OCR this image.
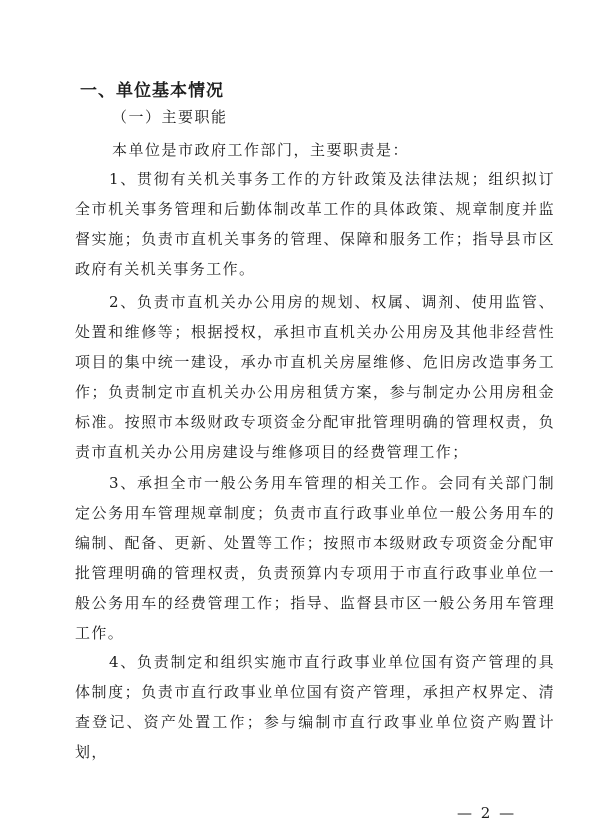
一、单位基本情况
（一）主要职能
本单位是市政府工作部门，主要职责是：

1、贯彻有关机关事务工作的方针政策及法律法规；组织拟订全市机关事务管理和后勤体制改革工作的具体政策、规章制度并监督实施；负责市直机关事务的管理、保障和服务工作；指导县市区政府有关机关事务工作。

2、负责市直机关办公用房的规划、权属、调剂、使用监管、处置和维修等；根据授权，承担市直机关办公用房及其他非经营性项目的集中统一建设，承办市直机关房屋维修、危旧房改造事务工作；负责制定市直机关办公用房租赁方案，参与制定办公用房租金标准。按照市本级财政专项资金分配审批管理明确的管理权责，负责市直机关办公用房建设与维修项目的经费管理工作；

3、承担全市一般公务用车管理的相关工作。会同有关部门制定公务用车管理规章制度；负责市直行政事业单位一般公务用车的编制、配备、更新、处置等工作；按照市本级财政专项资金分配审批管理明确的管理权责，负责预算内专项用于市直行政事业单位一般公务用车的经费管理工作；指导、监督县市区一般公务用车管理工作。

4、负责制定和组织实施市直行政事业单位国有资产管理的具体制度；负责市直行政事业单位国有资产管理，承担产权界定、清查登记、资产处置工作；参与编制市直行政事业单位资产购置计划，

— 2 —
